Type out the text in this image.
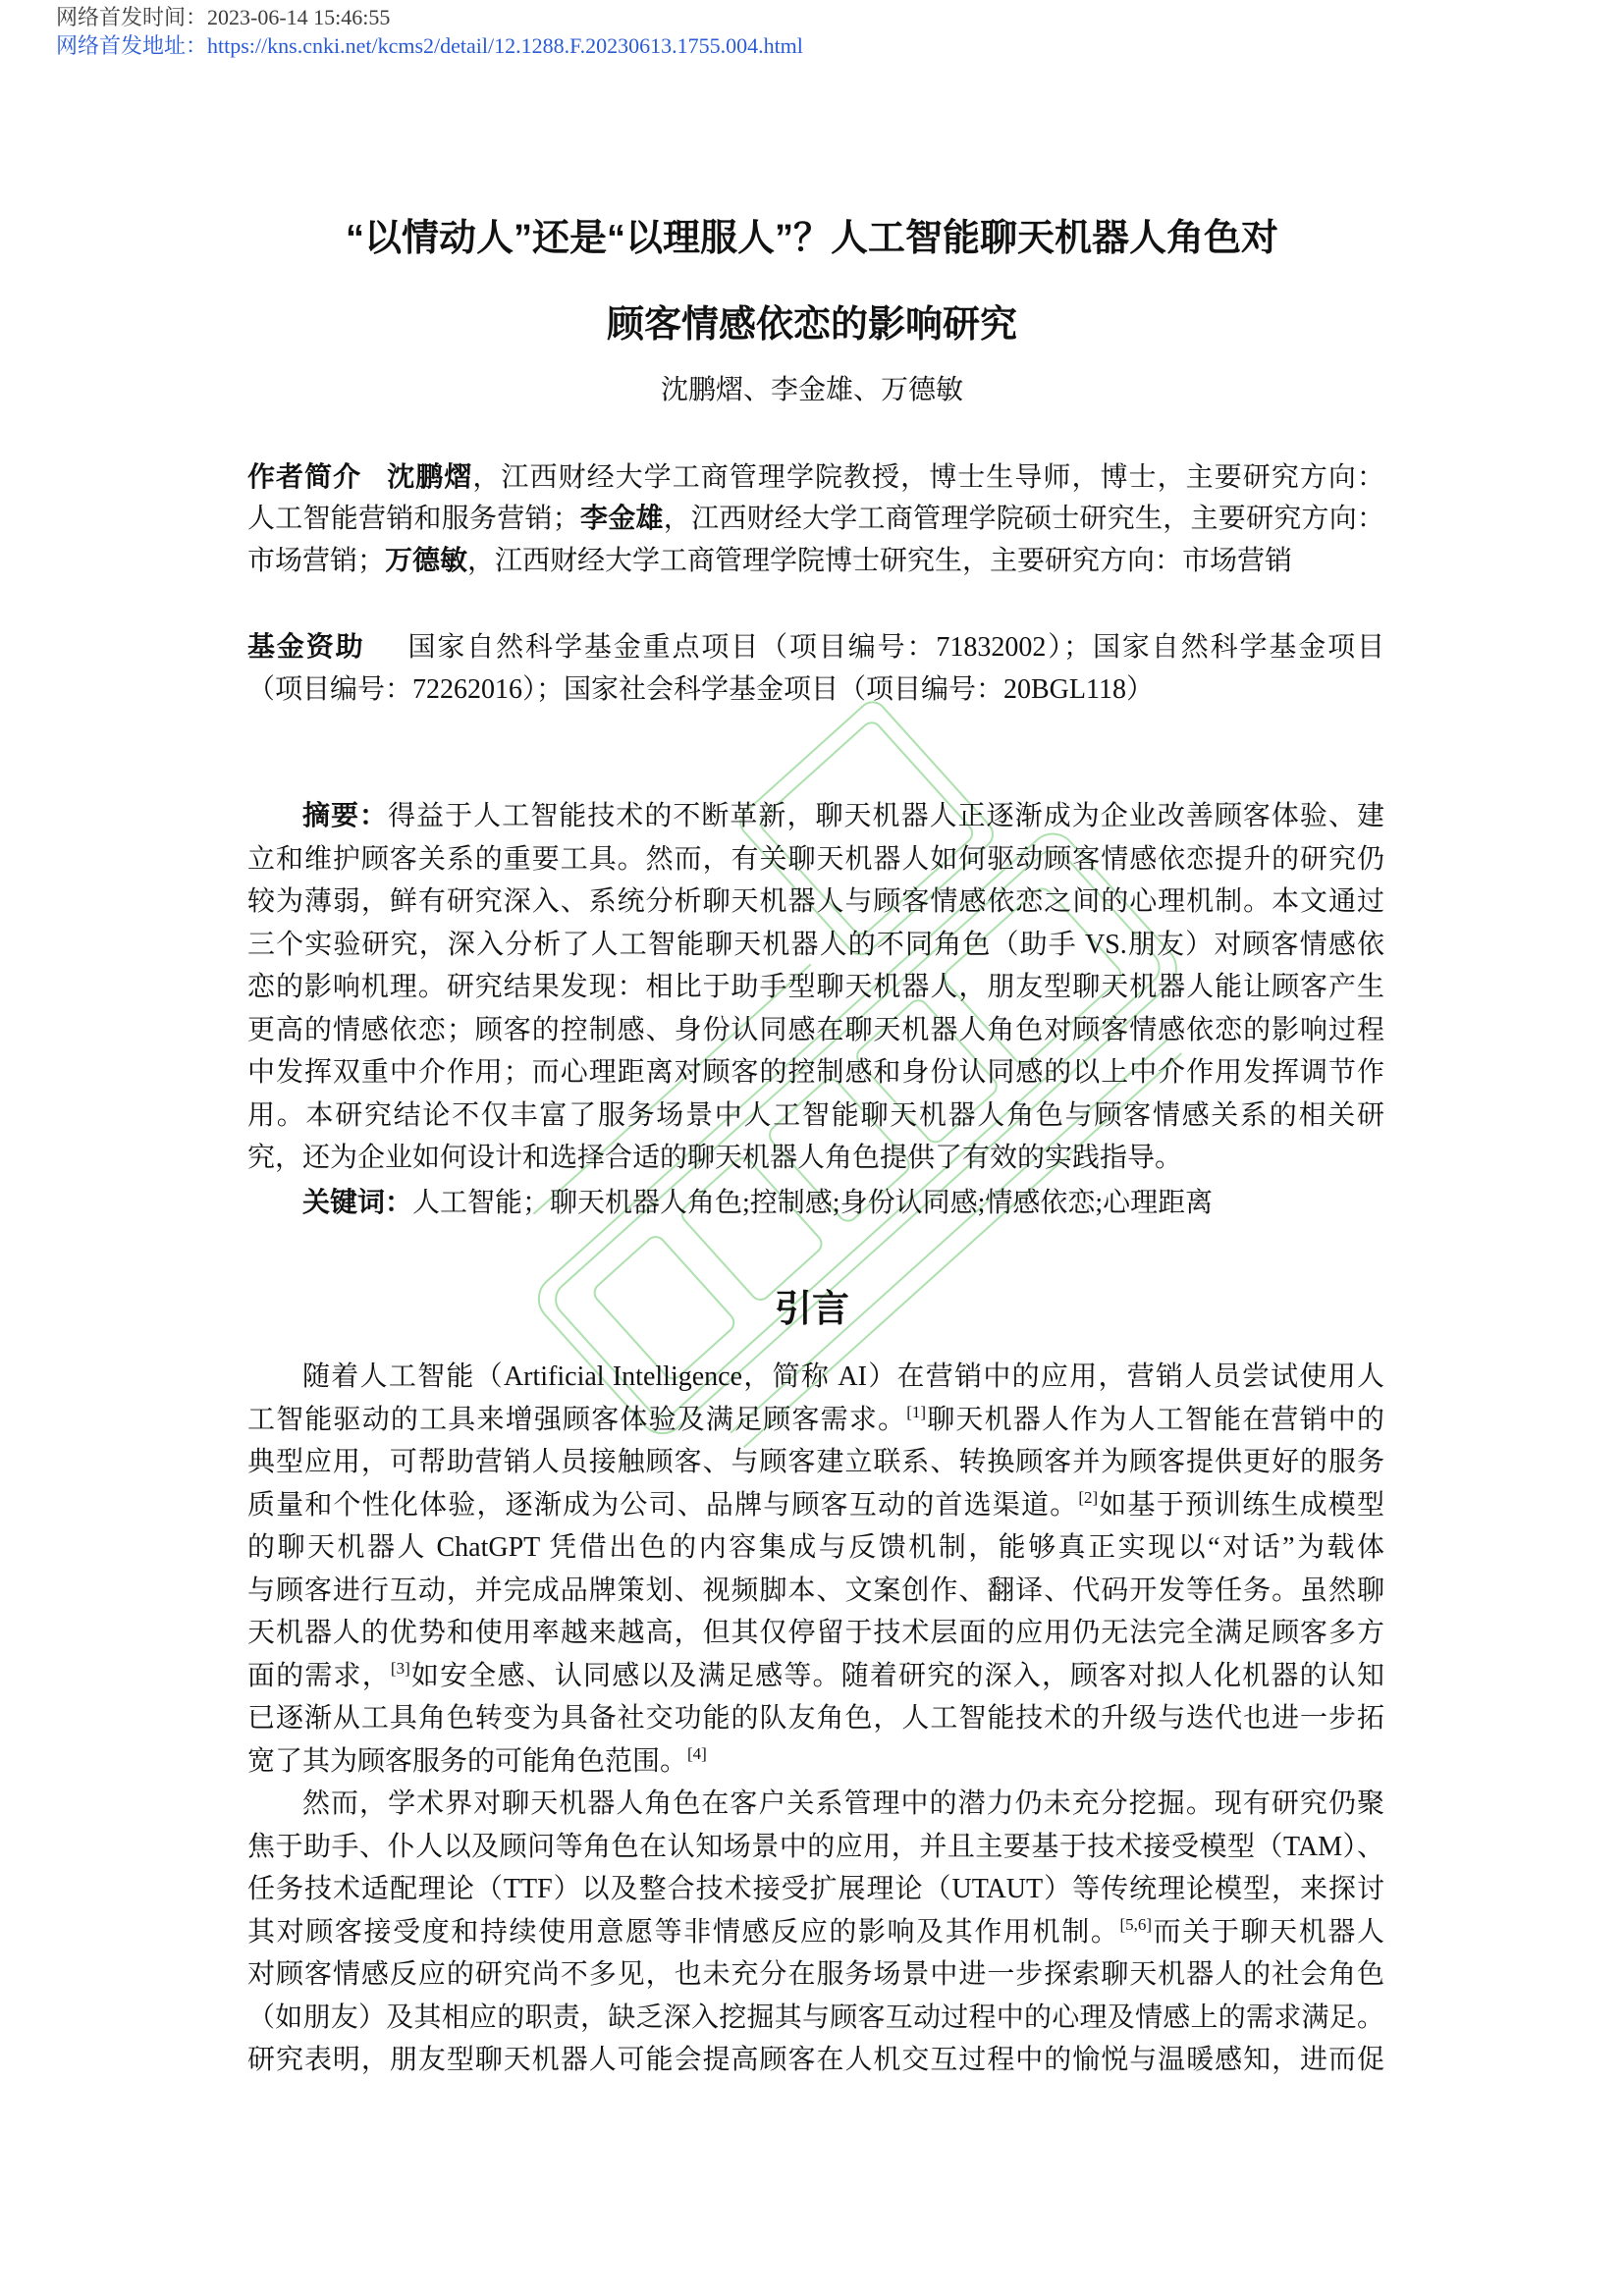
网络首发时间：2023-06-14 15:46:55
网络首发地址：https://kns.cnki.net/kcms2/detail/12.1288.F.20230613.1755.004.html
“以情动人”还是“以理服人”？人工智能聊天机器人角色对
顾客情感依恋的影响研究
沈鹏熠、李金雄、万德敏
作者简介 沈鹏熠，江西财经大学工商管理学院教授，博士生导师，博士，主要研究方向：
人工智能营销和服务营销；李金雄，江西财经大学工商管理学院硕士研究生，主要研究方向：
市场营销；万德敏，江西财经大学工商管理学院博士研究生，主要研究方向：市场营销
基金资助 国家自然科学基金重点项目（项目编号：71832002）；国家自然科学基金项目
（项目编号：72262016）；国家社会科学基金项目（项目编号：20BGL118）
摘要：得益于人工智能技术的不断革新，聊天机器人正逐渐成为企业改善顾客体验、建
立和维护顾客关系的重要工具。然而，有关聊天机器人如何驱动顾客情感依恋提升的研究仍
较为薄弱，鲜有研究深入、系统分析聊天机器人与顾客情感依恋之间的心理机制。本文通过
三个实验研究，深入分析了人工智能聊天机器人的不同角色（助手 VS.朋友）对顾客情感依
恋的影响机理。研究结果发现：相比于助手型聊天机器人，朋友型聊天机器人能让顾客产生
更高的情感依恋；顾客的控制感、身份认同感在聊天机器人角色对顾客情感依恋的影响过程
中发挥双重中介作用；而心理距离对顾客的控制感和身份认同感的以上中介作用发挥调节作
用。本研究结论不仅丰富了服务场景中人工智能聊天机器人角色与顾客情感关系的相关研
究，还为企业如何设计和选择合适的聊天机器人角色提供了有效的实践指导。
关键词：人工智能；聊天机器人角色;控制感;身份认同感;情感依恋;心理距离
引言
随着人工智能（Artificial Intelligence，简称 AI）在营销中的应用，营销人员尝试使用人
工智能驱动的工具来增强顾客体验及满足顾客需求。[1]聊天机器人作为人工智能在营销中的
典型应用，可帮助营销人员接触顾客、与顾客建立联系、转换顾客并为顾客提供更好的服务
质量和个性化体验，逐渐成为公司、品牌与顾客互动的首选渠道。[2]如基于预训练生成模型
的聊天机器人 ChatGPT 凭借出色的内容集成与反馈机制，能够真正实现以“对话”为载体
与顾客进行互动，并完成品牌策划、视频脚本、文案创作、翻译、代码开发等任务。虽然聊
天机器人的优势和使用率越来越高，但其仅停留于技术层面的应用仍无法完全满足顾客多方
面的需求，[3]如安全感、认同感以及满足感等。随着研究的深入，顾客对拟人化机器的认知
已逐渐从工具角色转变为具备社交功能的队友角色，人工智能技术的升级与迭代也进一步拓
宽了其为顾客服务的可能角色范围。[4]
然而，学术界对聊天机器人角色在客户关系管理中的潜力仍未充分挖掘。现有研究仍聚
焦于助手、仆人以及顾问等角色在认知场景中的应用，并且主要基于技术接受模型（TAM）、
任务技术适配理论（TTF）以及整合技术接受扩展理论（UTAUT）等传统理论模型，来探讨
其对顾客接受度和持续使用意愿等非情感反应的影响及其作用机制。[5,6]而关于聊天机器人
对顾客情感反应的研究尚不多见，也未充分在服务场景中进一步探索聊天机器人的社会角色
（如朋友）及其相应的职责，缺乏深入挖掘其与顾客互动过程中的心理及情感上的需求满足。
研究表明，朋友型聊天机器人可能会提高顾客在人机交互过程中的愉悦与温暖感知，进而促
